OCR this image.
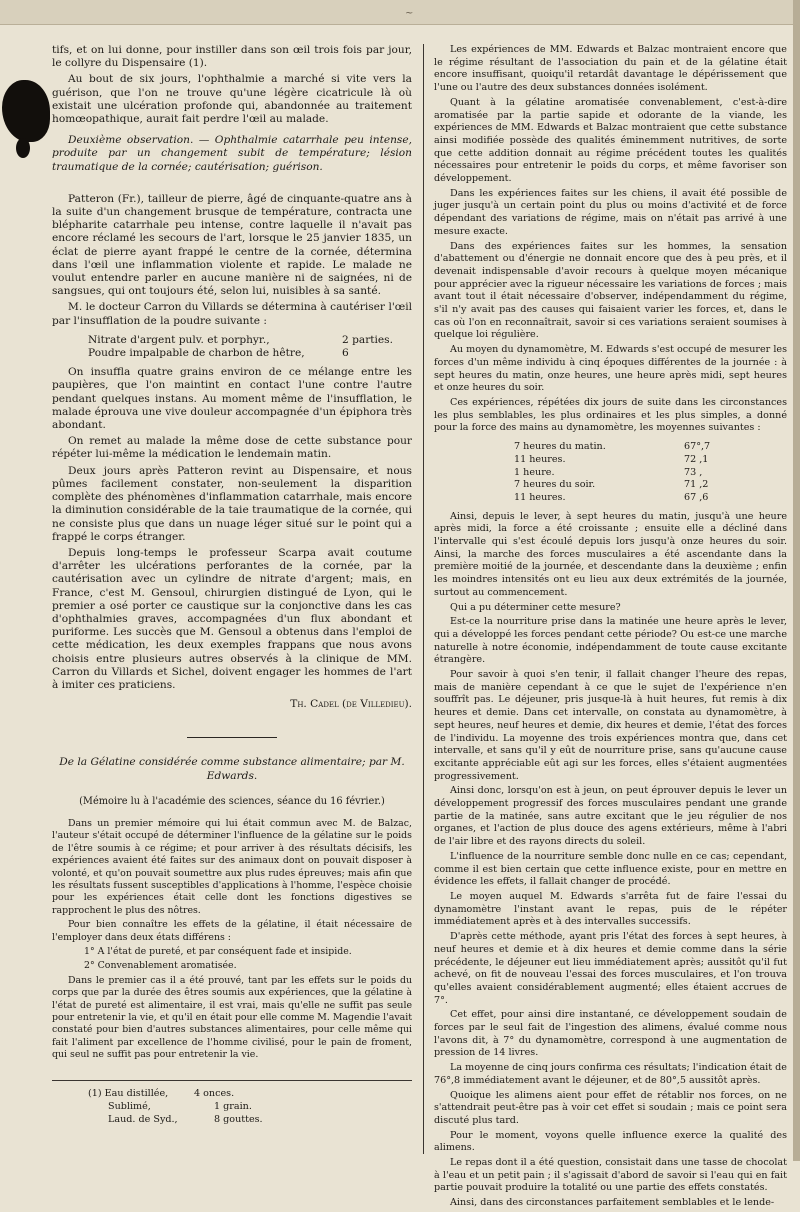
~

tifs, et on lui donne, pour instiller dans son œil trois fois par jour, le collyre du Dispensaire (1).

Au bout de six jours, l'ophthalmie a marché si vite vers la guérison, que l'on ne trouve qu'une légère cicatricule là où existait une ulcération profonde qui, abandonnée au traitement homœopathique, aurait fait perdre l'œil au malade.

Deuxième observation. — Ophthalmie catarrhale peu intense, produite par un changement subit de température; lésion traumatique de la cornée; cautérisation; guérison.

Patteron (Fr.), tailleur de pierre, âgé de cinquante-quatre ans à la suite d'un changement brusque de température, contracta une blépharite catarrhale peu intense, contre laquelle il n'avait pas encore réclamé les secours de l'art, lorsque le 25 janvier 1835, un éclat de pierre ayant frappé le centre de la cornée, détermina dans l'œil une inflammation violente et rapide. Le malade ne voulut entendre parler en aucune manière ni de saignées, ni de sangsues, qui ont toujours été, selon lui, nuisibles à sa santé.

M. le docteur Carron du Villards se détermina à cautériser l'œil par l'insufflation de la poudre suivante :

Nitrate d'argent pulv. et porphyr.,	2 parties.
Poudre impalpable de charbon de hêtre,	6

On insuffla quatre grains environ de ce mélange entre les paupières, que l'on maintint en contact l'une contre l'autre pendant quelques instans. Au moment même de l'insufflation, le malade éprouva une vive douleur accompagnée d'un épiphora très abondant.

On remet au malade la même dose de cette substance pour répéter lui-même la médication le lendemain matin.

Deux jours après Patteron revint au Dispensaire, et nous pûmes facilement constater, non-seulement la disparition complète des phénomènes d'inflammation catarrhale, mais encore la diminution considérable de la taie traumatique de la cornée, qui ne consiste plus que dans un nuage léger situé sur le point qui a frappé le corps étranger.

Depuis long-temps le professeur Scarpa avait coutume d'arrêter les ulcérations perforantes de la cornée, par la cautérisation avec un cylindre de nitrate d'argent; mais, en France, c'est M. Gensoul, chirurgien distingué de Lyon, qui le premier a osé porter ce caustique sur la conjonctive dans les cas d'ophthalmies graves, accompagnées d'un flux abondant et puriforme. Les succès que M. Gensoul a obtenus dans l'emploi de cette médication, les deux exemples frappans que nous avons choisis entre plusieurs autres observés à la clinique de MM. Carron du Villards et Sichel, doivent engager les hommes de l'art à imiter ces praticiens.

Th. Cadel (de Villedieu).
De la Gélatine considérée comme substance alimentaire; par M. Edwards.
(Mémoire lu à l'académie des sciences, séance du 16 février.)

Dans un premier mémoire qui lui était commun avec M. de Balzac, l'auteur s'était occupé de déterminer l'influence de la gélatine sur le poids de l'être soumis à ce régime; et pour arriver à des résultats décisifs, les expériences avaient été faites sur des animaux dont on pouvait disposer à volonté, et qu'on pouvait soumettre aux plus rudes épreuves; mais afin que les résultats fussent susceptibles d'applications à l'homme, l'espèce choisie pour les expériences était celle dont les fonctions digestives se rapprochent le plus des nôtres.

Pour bien connaître les effets de la gélatine, il était nécessaire de l'employer dans deux états différens :

1° A l'état de pureté, et par conséquent fade et insipide.

2° Convenablement aromatisée.

Dans le premier cas il a été prouvé, tant par les effets sur le poids du corps que par la durée des êtres soumis aux expériences, que la gélatine à l'état de pureté est alimentaire, il est vrai, mais qu'elle ne suffit pas seule pour entretenir la vie, et qu'il en était pour elle comme M. Magendie l'avait constaté pour bien d'autres substances alimentaires, pour celle même qui fait l'aliment par excellence de l'homme civilisé, pour le pain de froment, qui seul ne suffit pas pour entretenir la vie.

(1) Eau distillée,	4 onces.
Sublimé,	1 grain.
Laud. de Syd.,	8 gouttes.

Les expériences de MM. Edwards et Balzac montraient encore que le régime résultant de l'association du pain et de la gélatine était encore insuffisant, quoiqu'il retardât davantage le dépérissement que l'une ou l'autre des deux substances données isolément.

Quant à la gélatine aromatisée convenablement, c'est-à-dire aromatisée par la partie sapide et odorante de la viande, les expériences de MM. Edwards et Balzac montraient que cette substance ainsi modifiée possède des qualités éminemment nutritives, de sorte que cette addition donnait au régime précédent toutes les qualités nécessaires pour entretenir le poids du corps, et même favoriser son développement.

Dans les expériences faites sur les chiens, il avait été possible de juger jusqu'à un certain point du plus ou moins d'activité et de force dépendant des variations de régime, mais on n'était pas arrivé à une mesure exacte.

Dans des expériences faites sur les hommes, la sensation d'abattement ou d'énergie ne donnait encore que des à peu près, et il devenait indispensable d'avoir recours à quelque moyen mécanique pour apprécier avec la rigueur nécessaire les variations de forces ; mais avant tout il était nécessaire d'observer, indépendamment du régime, s'il n'y avait pas des causes qui faisaient varier les forces, et, dans le cas où l'on en reconnaîtrait, savoir si ces variations seraient soumises à quelque loi régulière.

Au moyen du dynamomètre, M. Edwards s'est occupé de mesurer les forces d'un même individu à cinq époques différentes de la journée : à sept heures du matin, onze heures, une heure après midi, sept heures et onze heures du soir.

Ces expériences, répétées dix jours de suite dans les circonstances les plus semblables, les plus ordinaires et les plus simples, a donné pour la force des mains au dynamomètre, les moyennes suivantes :

7 heures du matin.	67°,7
11 heures.	72 ,1
1 heure.	73 ,
7 heures du soir.	71 ,2
11 heures.	67 ,6

Ainsi, depuis le lever, à sept heures du matin, jusqu'à une heure après midi, la force a été croissante ; ensuite elle a décliné dans l'intervalle qui s'est écoulé depuis lors jusqu'à onze heures du soir. Ainsi, la marche des forces musculaires a été ascendante dans la première moitié de la journée, et descendante dans la deuxième ; enfin les moindres intensités ont eu lieu aux deux extrémités de la journée, surtout au commencement.

Qui a pu déterminer cette mesure?

Est-ce la nourriture prise dans la matinée une heure après le lever, qui a développé les forces pendant cette période? Ou est-ce une marche naturelle à notre économie, indépendamment de toute cause excitante étrangère.

Pour savoir à quoi s'en tenir, il fallait changer l'heure des repas, mais de manière cependant à ce que le sujet de l'expérience n'en souffrît pas. Le déjeuner, pris jusque-là à huit heures, fut remis à dix heures et demie. Dans cet intervalle, on constata au dynamomètre, à sept heures, neuf heures et demie, dix heures et demie, l'état des forces de l'individu. La moyenne des trois expériences montra que, dans cet intervalle, et sans qu'il y eût de nourriture prise, sans qu'aucune cause excitante appréciable eût agi sur les forces, elles s'étaient augmentées progressivement.

Ainsi donc, lorsqu'on est à jeun, on peut éprouver depuis le lever un développement progressif des forces musculaires pendant une grande partie de la matinée, sans autre excitant que le jeu régulier de nos organes, et l'action de plus douce des agens extérieurs, même à l'abri de l'air libre et des rayons directs du soleil.

L'influence de la nourriture semble donc nulle en ce cas; cependant, comme il est bien certain que cette influence existe, pour en mettre en évidence les effets, il fallait changer de procédé.

Le moyen auquel M. Edwards s'arrêta fut de faire l'essai du dynamomètre l'instant avant le repas, puis de le répéter immédiatement après et à des intervalles successifs.

D'après cette méthode, ayant pris l'état des forces à sept heures, à neuf heures et demie et à dix heures et demie comme dans la série précédente, le déjeuner eut lieu immédiatement après; aussitôt qu'il fut achevé, on fit de nouveau l'essai des forces musculaires, et l'on trouva qu'elles avaient considérablement augmenté; elles étaient accrues de 7°.

Cet effet, pour ainsi dire instantané, ce développement soudain de forces par le seul fait de l'ingestion des alimens, évalué comme nous l'avons dit, à 7° du dynamomètre, correspond à une augmentation de pression de 14 livres.

La moyenne de cinq jours confirma ces résultats; l'indication était de 76°,8 immédiatement avant le déjeuner, et de 80°,5 aussitôt après.

Quoique les alimens aient pour effet de rétablir nos forces, on ne s'attendrait peut-être pas à voir cet effet si soudain ; mais ce point sera discuté plus tard.

Pour le moment, voyons quelle influence exerce la qualité des alimens.

Le repas dont il a été question, consistait dans une tasse de chocolat à l'eau et un petit pain ; il s'agissait d'abord de savoir si l'eau qui en fait partie pouvait produire la totalité ou une partie des effets constatés.

Ainsi, dans des circonstances parfaitement semblables et le lende-
